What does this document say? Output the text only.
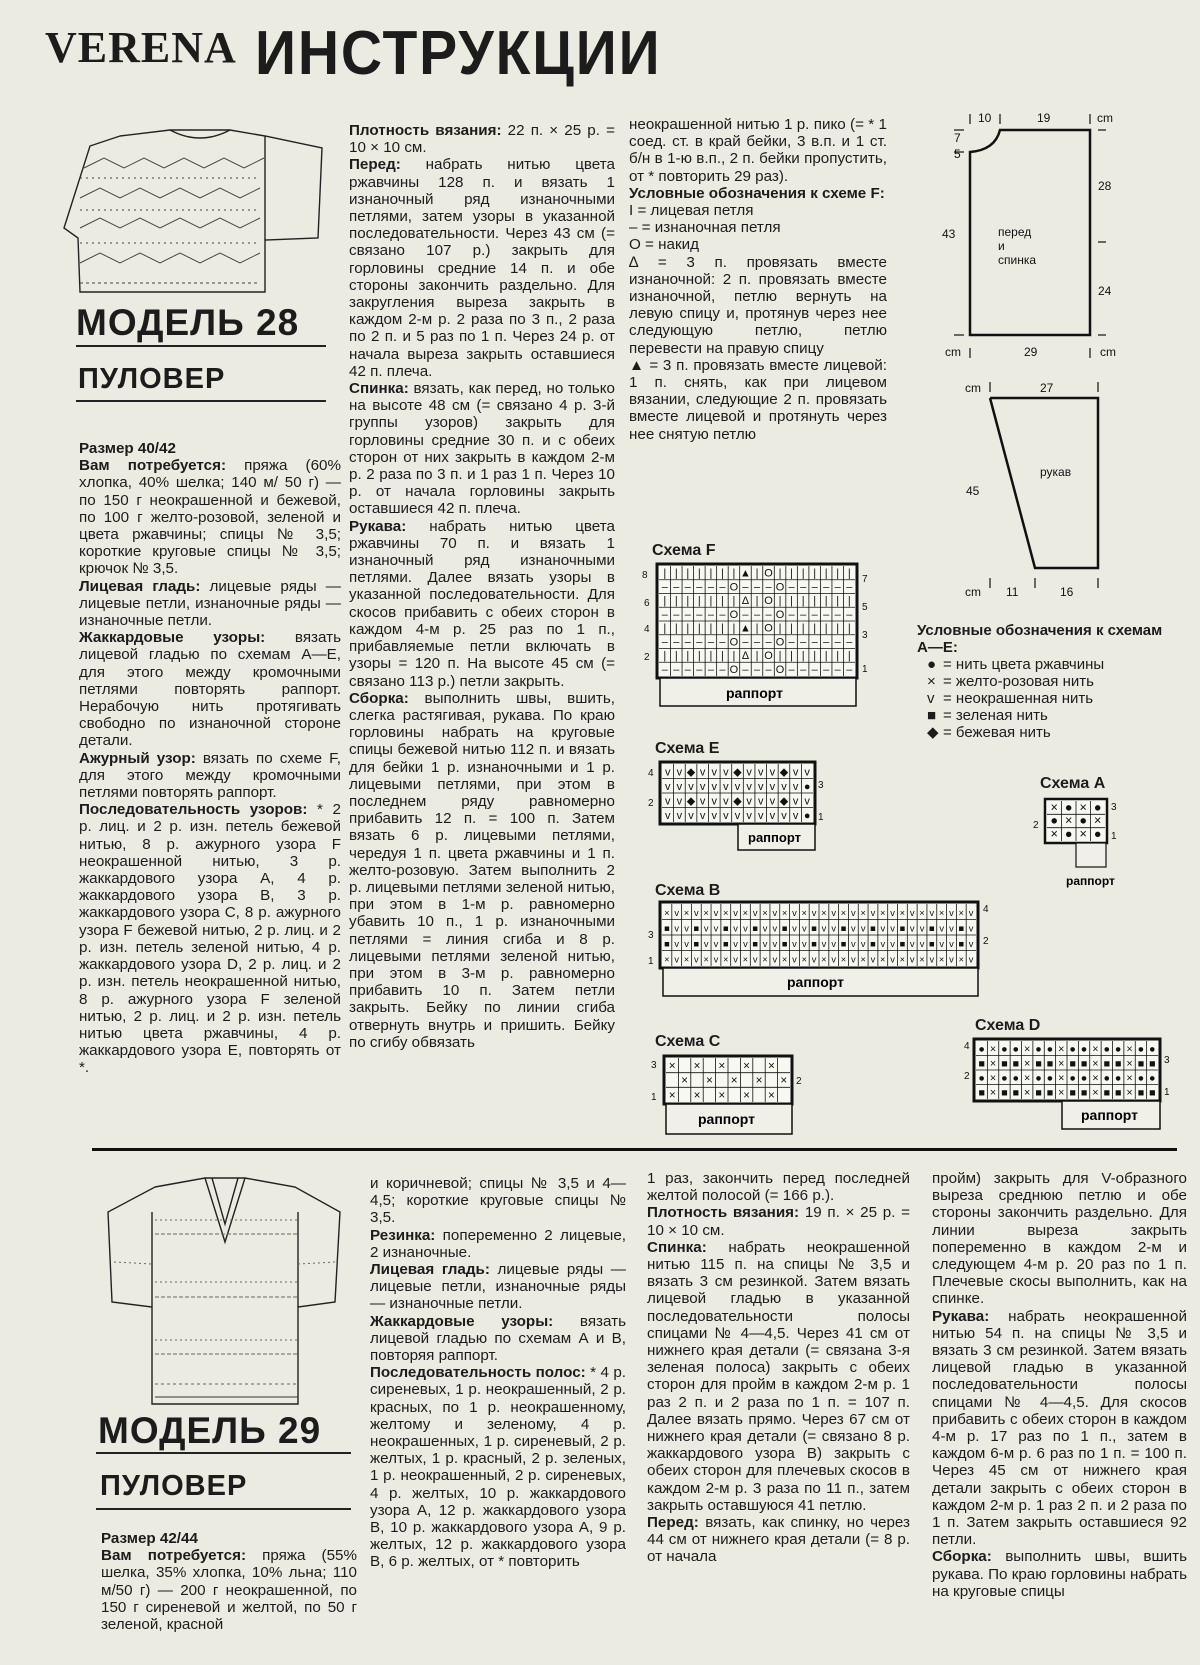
VERENA ИНСТРУКЦИИ
МОДЕЛЬ 28
ПУЛОВЕР

Размер 40/42

Вам потребуется: пряжа (60% хлопка, 40% шелка; 140 м/ 50 г) — по 150 г неокрашенной и бежевой, по 100 г желто-розовой, зеленой и цвета ржавчины; спицы № 3,5; короткие круговые спицы № 3,5; крючок № 3,5.

Лицевая гладь: лицевые ряды — лицевые петли, изнаночные ряды — изнаночные петли.

Жаккардовые узоры: вязать лицевой гладью по схемам А—Е, для этого между кромочными петлями повторять раппорт. Нерабочую нить протягивать свободно по изнаночной стороне детали.

Ажурный узор: вязать по схеме F, для этого между кромочными петлями повторять раппорт.

Последовательность узоров: * 2 р. лиц. и 2 р. изн. петель бежевой нитью, 8 р. ажурного узора F неокрашенной нитью, 3 р. жаккардового узора А, 4 р. жаккардового узора В, 3 р. жаккардового узора С, 8 р. ажурного узора F бежевой нитью, 2 р. лиц. и 2 р. изн. петель зеленой нитью, 4 р. жаккардового узора D, 2 р. лиц. и 2 р. изн. петель неокрашенной нитью, 8 р. ажурного узора F зеленой нитью, 2 р. лиц. и 2 р. изн. петель нитью цвета ржавчины, 4 р. жаккардового узора Е, повторять от *.

Плотность вязания: 22 п. × 25 р. = 10 × 10 см.

Перед: набрать нитью цвета ржавчины 128 п. и вязать 1 изнаночный ряд изнаночными петлями, затем узоры в указанной последовательности. Через 43 см (= связано 107 р.) закрыть для горловины средние 14 п. и обе стороны закончить раздельно. Для закругления выреза закрыть в каждом 2-м р. 2 раза по 3 п., 2 раза по 2 п. и 5 раз по 1 п. Через 24 р. от начала выреза закрыть оставшиеся 42 п. плеча.

Спинка: вязать, как перед, но только на высоте 48 см (= связано 4 р. 3-й группы узоров) закрыть для горловины средние 30 п. и с обеих сторон от них закрыть в каждом 2-м р. 2 раза по 3 п. и 1 раз 1 п. Через 10 р. от начала горловины закрыть оставшиеся 42 п. плеча.

Рукава: набрать нитью цвета ржавчины 70 п. и вязать 1 изнаночный ряд изнаночными петлями. Далее вязать узоры в указанной последовательности. Для скосов прибавить с обеих сторон в каждом 4-м р. 25 раз по 1 п., прибавляемые петли включать в узоры = 120 п. На высоте 45 см (= связано 113 р.) петли закрыть.

Сборка: выполнить швы, вшить, слегка растягивая, рукава. По краю горловины набрать на круговые спицы бежевой нитью 112 п. и вязать для бейки 1 р. изнаночными и 1 р. лицевыми петлями, при этом в последнем ряду равномерно прибавить 12 п. = 100 п. Затем вязать 6 р. лицевыми петлями, чередуя 1 п. цвета ржавчины и 1 п. желто-розовую. Затем выполнить 2 р. лицевыми петлями зеленой нитью, при этом в 1-м р. равномерно убавить 10 п., 1 р. изнаночными петлями = линия сгиба и 8 р. лицевыми петлями зеленой нитью, при этом в 3-м р. равномерно прибавить 10 п. Затем петли закрыть. Бейку по линии сгиба отвернуть внутрь и пришить. Бейку по сгибу обвязать

неокрашенной нитью 1 р. пико (= * 1 соед. ст. в край бейки, 3 в.п. и 1 ст. б/н в 1-ю в.п., 2 п. бейки пропустить, от * повторить 29 раз).

Условные обозначения к схеме F:

I = лицевая петля

– = изнаночная петля

O = накид

∆ = 3 п. провязать вместе изнаночной: 2 п. провязать вместе изнаночной, петлю вернуть на левую спицу и, протянув через нее следующую петлю, петлю перевести на правую спицу

▲ = 3 п. провязать вместе лицевой: 1 п. снять, как при лицевом вязании, следующие 2 п. провязать вместе лицевой и протянуть через нее снятую петлю

10	19	cm
7
5
28
43
24
29
cm	cm
перед
и
спинка
cm	27
45
рукав
cm 11	16
Условные обозначения к схемам А—Е:
● = нить цвета ржавчины
× = желто-розовая нить
v = неокрашенная нить
■ = зеленая нить
◆ = бежевая нить
Схема F
| | | | | | | ▲ | O | | | | | | |
– – – – – – O – – – O – – – – – –
| | | | | | | ∆ | O | | | | | | |
– – – – – – O – – – O – – – – – –
| | | | | | | ▲ | O | | | | | | |
– – – – – – O – – – O – – – – – –
| | | | | | | ∆ | O | | | | | | |
– – – – – – O – – – O – – – – – –
8
6
4
2
7
5
3
1
раппорт
Схема Е
v v ◆ v v v ◆ v v v ◆ v v
v v v v v v v v v v v v ●
v v ◆ v v v ◆ v v v ◆ v v
v v v v v v v v v v v v ●
4
2
3
1
раппорт
Схема А
× ● × ●
● × ● ×
× ● × ●
2
3
1
раппорт
Схема В
× v × v × v × v × v × v × v × v × v × v × v × v × v × v × v × v
■ v v ■ v v ■ v v ■ v v ■ v v ■ v v ■ v v ■ v v ■ v v ■ v v ■ v
■ v v ■ v v ■ v v ■ v v ■ v v ■ v v ■ v v ■ v v ■ v v ■ v v ■ v
× v × v × v × v × v × v × v × v × v × v × v × v × v × v × v × v
3
1
4
2
раппорт
Схема С
× × × × ×
× × × × ×
× × × × ×
3
1
2
раппорт
Схема D
● × ● ● × ● ● × ● ● × ● ● × ● ●
■ × ■ ■ × ■ ■ × ■ ■ × ■ ■ × ■ ■
● × ● ● × ● ● × ● ● × ● ● × ● ●
■ × ■ ■ × ■ ■ × ■ ■ × ■ ■ × ■ ■
4
2
3
1
раппорт
МОДЕЛЬ 29
ПУЛОВЕР

Размер 42/44

Вам потребуется: пряжа (55% шелка, 35% хлопка, 10% льна; 110 м/50 г) — 200 г неокрашенной, по 150 г сиреневой и желтой, по 50 г зеленой, красной

и коричневой; спицы № 3,5 и 4—4,5; короткие круговые спицы № 3,5.

Резинка: попеременно 2 лицевые, 2 изнаночные.

Лицевая гладь: лицевые ряды — лицевые петли, изнаночные ряды — изнаночные петли.

Жаккардовые узоры: вязать лицевой гладью по схемам А и В, повторяя раппорт.

Последовательность полос: * 4 р. сиреневых, 1 р. неокрашенный, 2 р. красных, по 1 р. неокрашенному, желтому и зеленому, 4 р. неокрашенных, 1 р. сиреневый, 2 р. желтых, 1 р. красный, 2 р. зеленых, 1 р. неокрашенный, 2 р. сиреневых, 4 р. желтых, 10 р. жаккардового узора А, 12 р. жаккардового узора В, 10 р. жаккардового узора А, 9 р. желтых, 12 р. жаккардового узора В, 6 р. желтых, от * повторить

1 раз, закончить перед последней желтой полосой (= 166 р.).

Плотность вязания: 19 п. × 25 р. = 10 × 10 см.

Спинка: набрать неокрашенной нитью 115 п. на спицы № 3,5 и вязать 3 см резинкой. Затем вязать лицевой гладью в указанной последовательности полосы спицами № 4—4,5. Через 41 см от нижнего края детали (= связана 3-я зеленая полоса) закрыть с обеих сторон для пройм в каждом 2-м р. 1 раз 2 п. и 2 раза по 1 п. = 107 п. Далее вязать прямо. Через 67 см от нижнего края детали (= связано 8 р. жаккардового узора В) закрыть с обеих сторон для плечевых скосов в каждом 2-м р. 3 раза по 11 п., затем закрыть оставшуюся 41 петлю.

Перед: вязать, как спинку, но через 44 см от нижнего края детали (= 8 р. от начала

пройм) закрыть для V-образного выреза среднюю петлю и обе стороны закончить раздельно. Для линии выреза закрыть попеременно в каждом 2-м и следующем 4-м р. 20 раз по 1 п. Плечевые скосы выполнить, как на спинке.

Рукава: набрать неокрашенной нитью 54 п. на спицы № 3,5 и вязать 3 см резинкой. Затем вязать лицевой гладью в указанной последовательности полосы спицами № 4—4,5. Для скосов прибавить с обеих сторон в каждом 4-м р. 17 раз по 1 п., затем в каждом 6-м р. 6 раз по 1 п. = 100 п. Через 45 см от нижнего края детали закрыть с обеих сторон в каждом 2-м р. 1 раз 2 п. и 2 раза по 1 п. Затем закрыть оставшиеся 92 петли.

Сборка: выполнить швы, вшить рукава. По краю горловины набрать на круговые спицы
